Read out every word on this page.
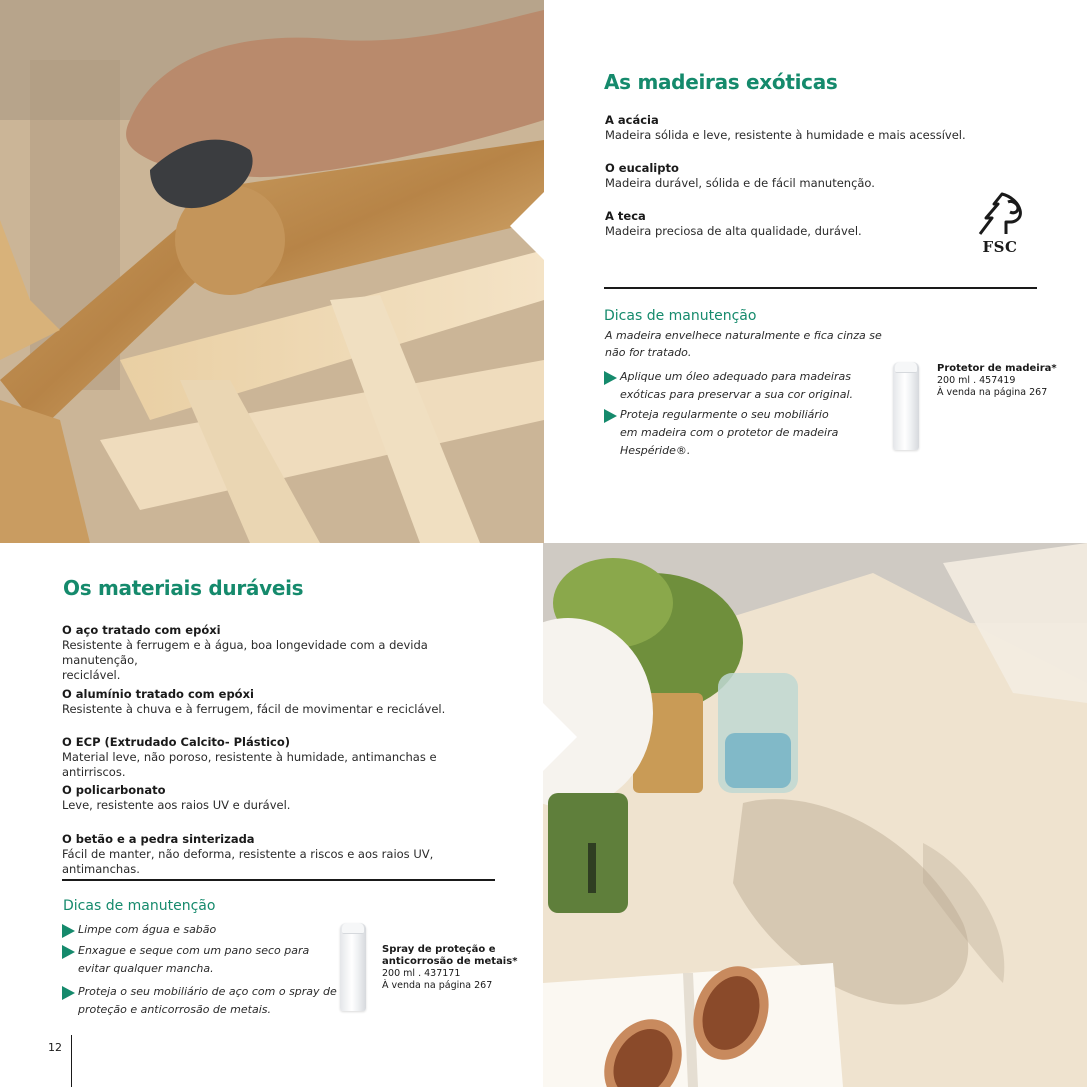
As madeiras exóticas
A acácia
Madeira sólida e leve, resistente à humidade e mais acessível.
O eucalipto
Madeira durável, sólida e de fácil manutenção.
A teca
Madeira preciosa de alta qualidade, durável.
FSC
Dicas de manutenção
A madeira envelhece naturalmente e fica cinza se
não for tratado.
Aplique um óleo adequado para madeiras
exóticas para preservar a sua cor original.
Proteja regularmente o seu mobiliário
em madeira com o protetor de madeira
Hespéride®.
Protetor de madeira*
200 ml . 457419
À venda na página 267
Os materiais duráveis
O aço tratado com epóxi
Resistente à ferrugem e à água, boa longevidade com a devida manutenção,
reciclável.
O alumínio tratado com epóxi
Resistente à chuva e à ferrugem, fácil de movimentar e reciclável.
O ECP (Extrudado Calcito- Plástico)
Material leve, não poroso, resistente à humidade, antimanchas e antirriscos.
O policarbonato
Leve, resistente aos raios UV e durável.
O betão e a pedra sinterizada
Fácil de manter, não deforma, resistente a riscos e aos raios UV, antimanchas.
Dicas de manutenção
Limpe com água e sabão
Enxague e seque com um pano seco para
evitar qualquer mancha.
Proteja o seu mobiliário de aço com o spray de
proteção e anticorrosão de metais.
Spray de proteção e
anticorrosão de metais*
200 ml . 437171
À venda na página 267
12
